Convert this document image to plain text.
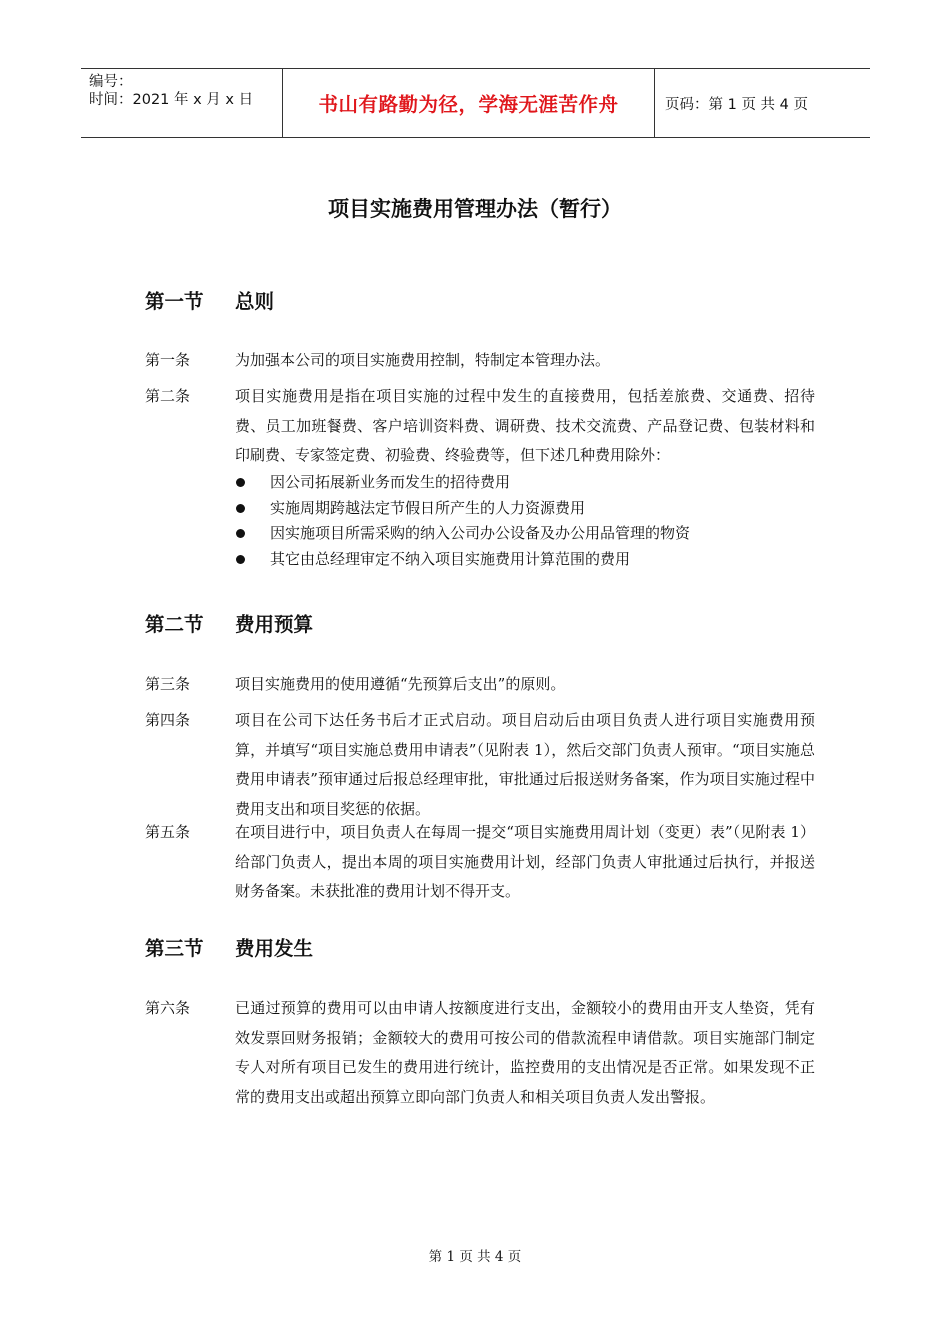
编号：
时间：2021 年 x 月 x 日	书山有路勤为径，学海无涯苦作舟	页码：第 1 页 共 4 页
项目实施费用管理办法（暂行）
第一节	总则
第一条	为加强本公司的项目实施费用控制，特制定本管理办法。
第二条	项目实施费用是指在项目实施的过程中发生的直接费用，包括差旅费、交通费、招待费、员工加班餐费、客户培训资料费、调研费、技术交流费、产品登记费、包装材料和印刷费、专家签定费、初验费、终验费等，但下述几种费用除外：
因公司拓展新业务而发生的招待费用
实施周期跨越法定节假日所产生的人力资源费用
因实施项目所需采购的纳入公司办公设备及办公用品管理的物资
其它由总经理审定不纳入项目实施费用计算范围的费用
第二节	费用预算
第三条	项目实施费用的使用遵循“先预算后支出”的原则。
第四条	项目在公司下达任务书后才正式启动。项目启动后由项目负责人进行项目实施费用预算，并填写“项目实施总费用申请表”（见附表 1），然后交部门负责人预审。“项目实施总费用申请表”预审通过后报总经理审批，审批通过后报送财务备案，作为项目实施过程中费用支出和项目奖惩的依据。
第五条	在项目进行中，项目负责人在每周一提交“项目实施费用周计划（变更）表”（见附表 1）给部门负责人，提出本周的项目实施费用计划，经部门负责人审批通过后执行，并报送财务备案。未获批准的费用计划不得开支。
第三节	费用发生
第六条	已通过预算的费用可以由申请人按额度进行支出，金额较小的费用由开支人垫资，凭有效发票回财务报销；金额较大的费用可按公司的借款流程申请借款。项目实施部门制定专人对所有项目已发生的费用进行统计，监控费用的支出情况是否正常。如果发现不正常的费用支出或超出预算立即向部门负责人和相关项目负责人发出警报。
第 1 页 共 4 页
